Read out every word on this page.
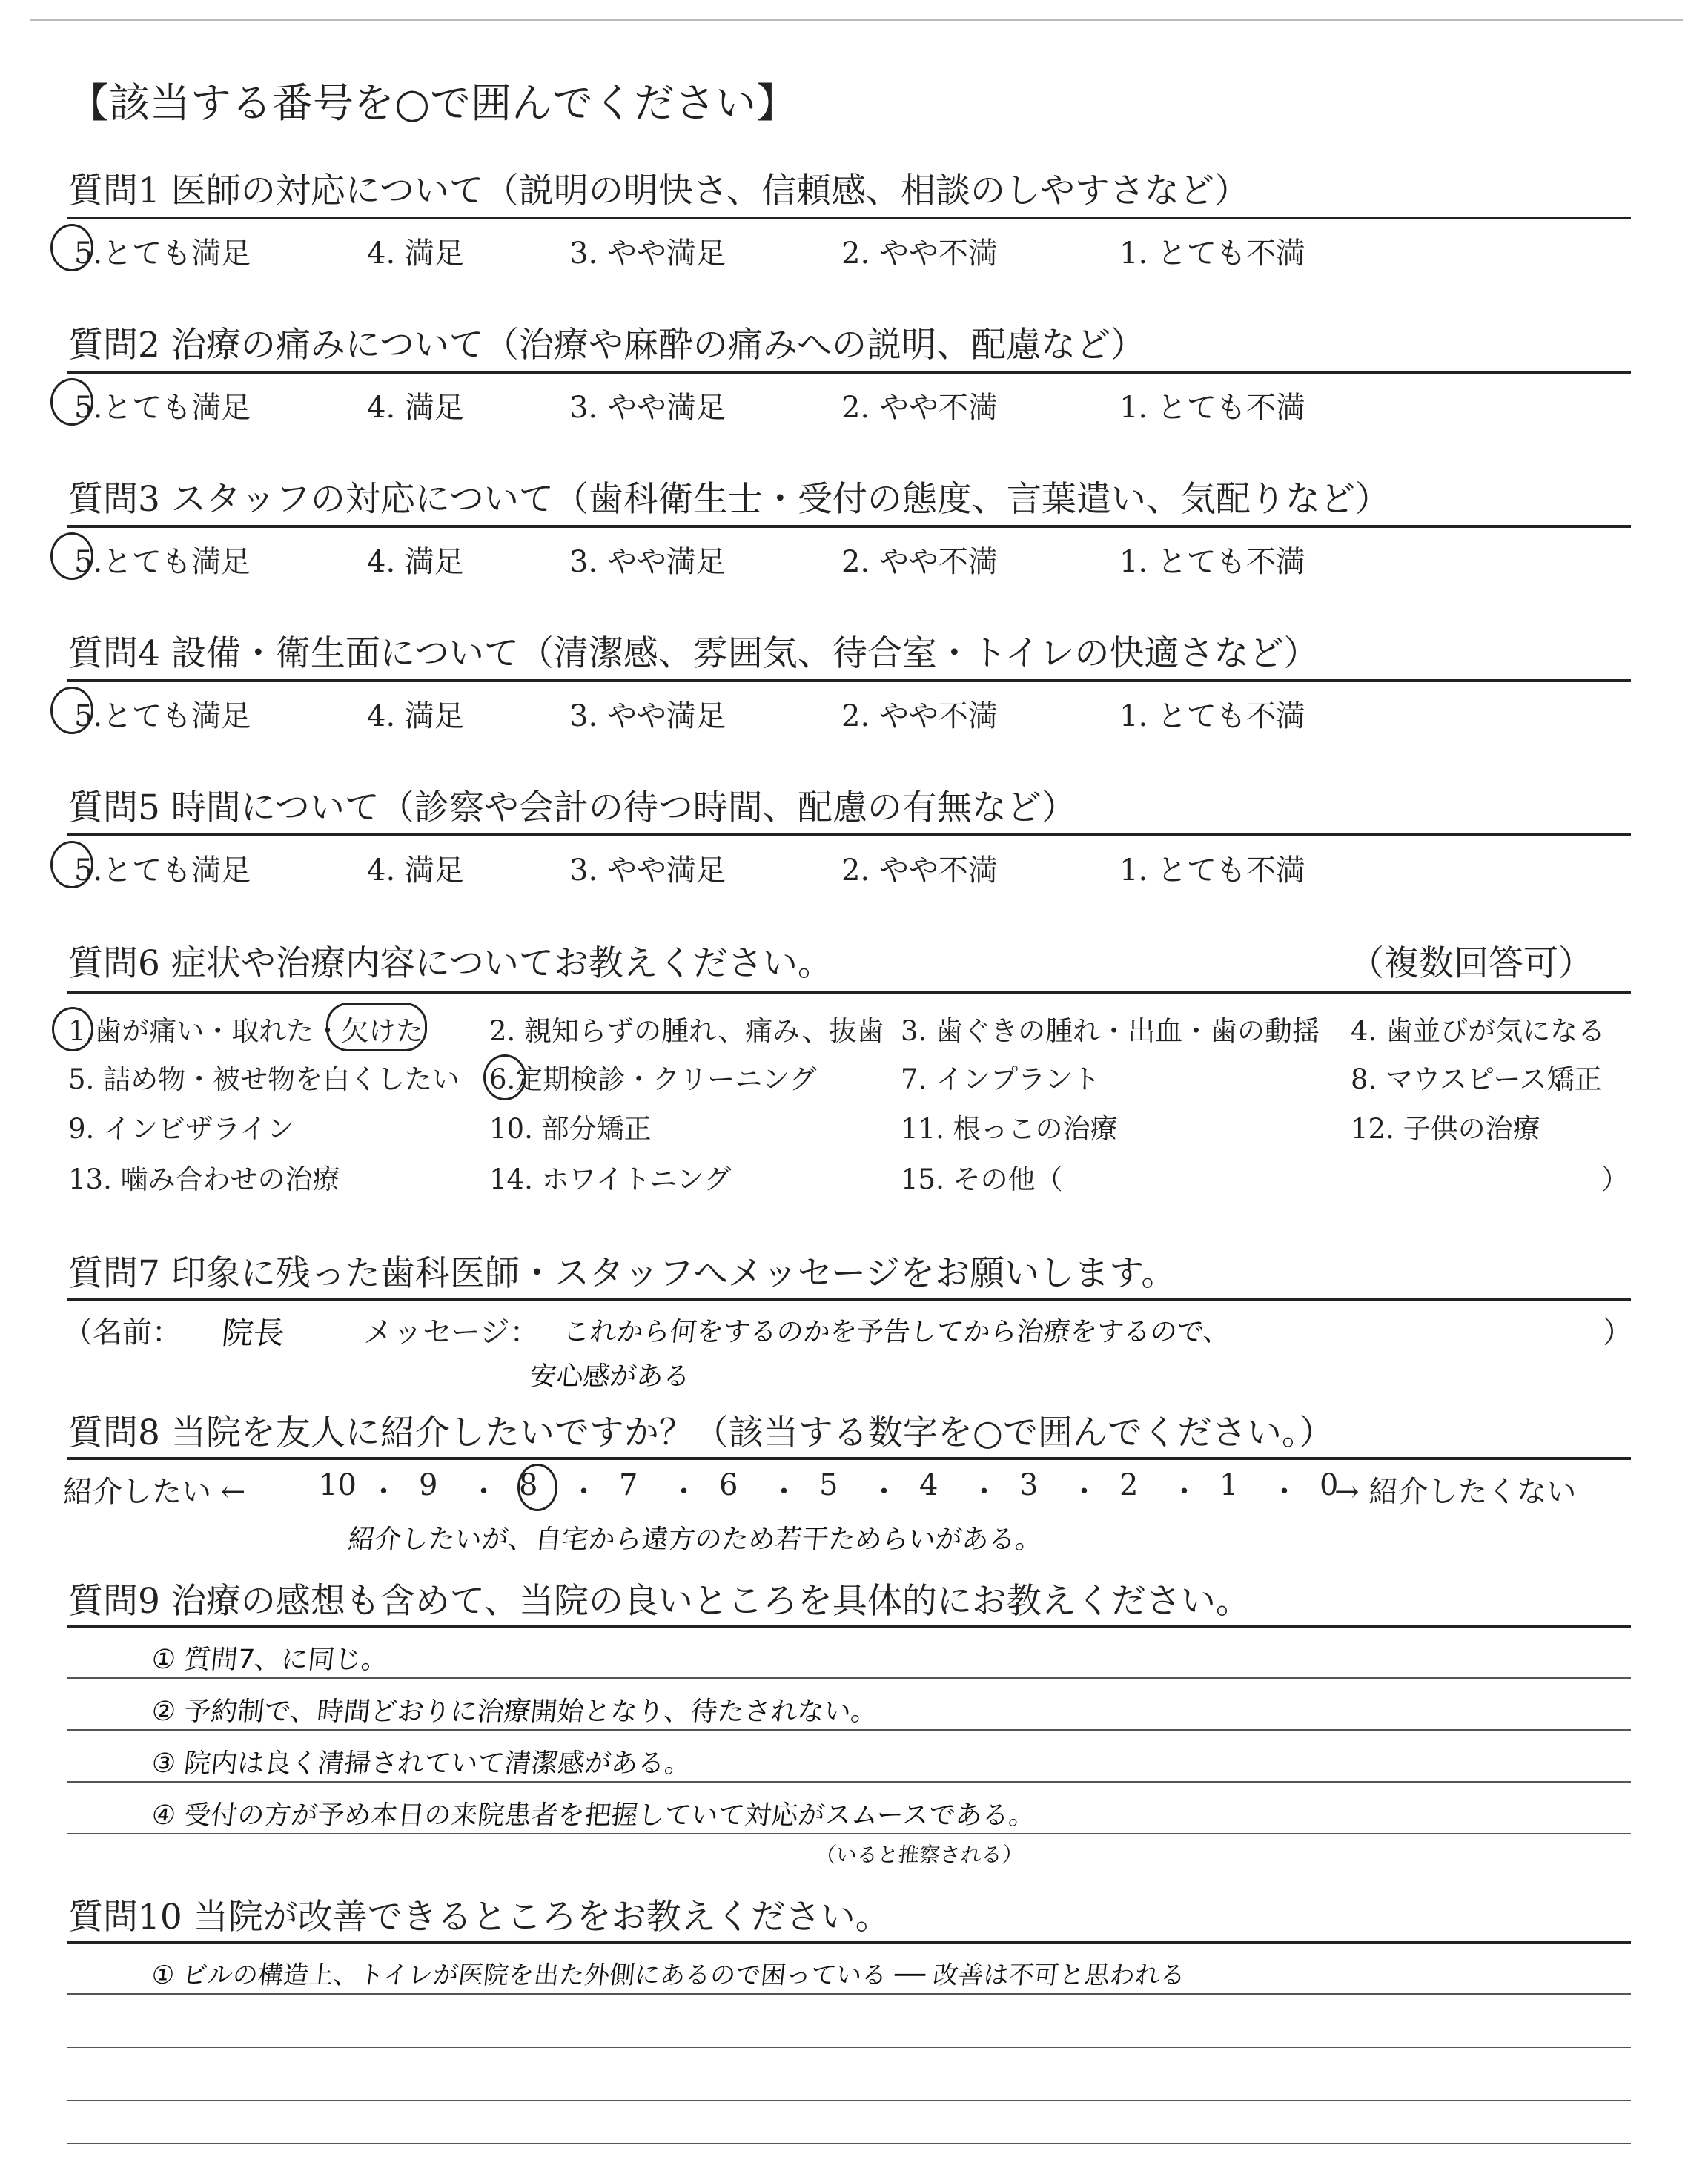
【該当する番号を○で囲んでください】
質問1 医師の対応について（説明の明快さ、信頼感、相談のしやすさなど）
5.とても満足	4. 満足	3. やや満足	2. やや不満	1. とても不満
質問2 治療の痛みについて（治療や麻酔の痛みへの説明、配慮など）
5.とても満足	4. 満足	3. やや満足	2. やや不満	1. とても不満
質問3 スタッフの対応について（歯科衛生士・受付の態度、言葉遣い、気配りなど）
5.とても満足	4. 満足	3. やや満足	2. やや不満	1. とても不満
質問4 設備・衛生面について（清潔感、雰囲気、待合室・トイレの快適さなど）
5.とても満足	4. 満足	3. やや満足	2. やや不満	1. とても不満
質問5 時間について（診察や会計の待つ時間、配慮の有無など）
5.とても満足	4. 満足	3. やや満足	2. やや不満	1. とても不満
質問6 症状や治療内容についてお教えください。	（複数回答可）
1.歯が痛い・取れた・欠けた 2. 親知らずの腫れ、痛み、抜歯 3. 歯ぐきの腫れ・出血・歯の動揺 4. 歯並びが気になる
5. 詰め物・被せ物を白くしたい 6.定期検診・クリーニング	7. インプラント	8. マウスピース矯正
9. インビザライン	10. 部分矯正	11. 根っこの治療	12. 子供の治療
13. 噛み合わせの治療	14. ホワイトニング	15. その他（	）
質問7 印象に残った歯科医師・スタッフへメッセージをお願いします。
（名前： 院長	メッセージ： これから何をするのかを予告してから治療をするので、	）
安心感がある
質問8 当院を友人に紹介したいですか？（該当する数字を○で囲んでください。）
紹介したい ← 10 ・ 9 ・ 8 ・ 7 ・ 6 ・ 5 ・ 4 ・ 3 ・ 2 ・ 1 ・ 0
→ 紹介したくない
紹介したいが、自宅から遠方のため若干ためらいがある。
質問9 治療の感想も含めて、当院の良いところを具体的にお教えください。
① 質問7、に同じ。
② 予約制で、時間どおりに治療開始となり、待たされない。
③ 院内は良く清掃されていて清潔感がある。
④ 受付の方が予め本日の来院患者を把握していて対応がスムースである。
（いると推察される）
質問10 当院が改善できるところをお教えください。
① ビルの構造上、トイレが医院を出た外側にあるので困っている ── 改善は不可と思われる
